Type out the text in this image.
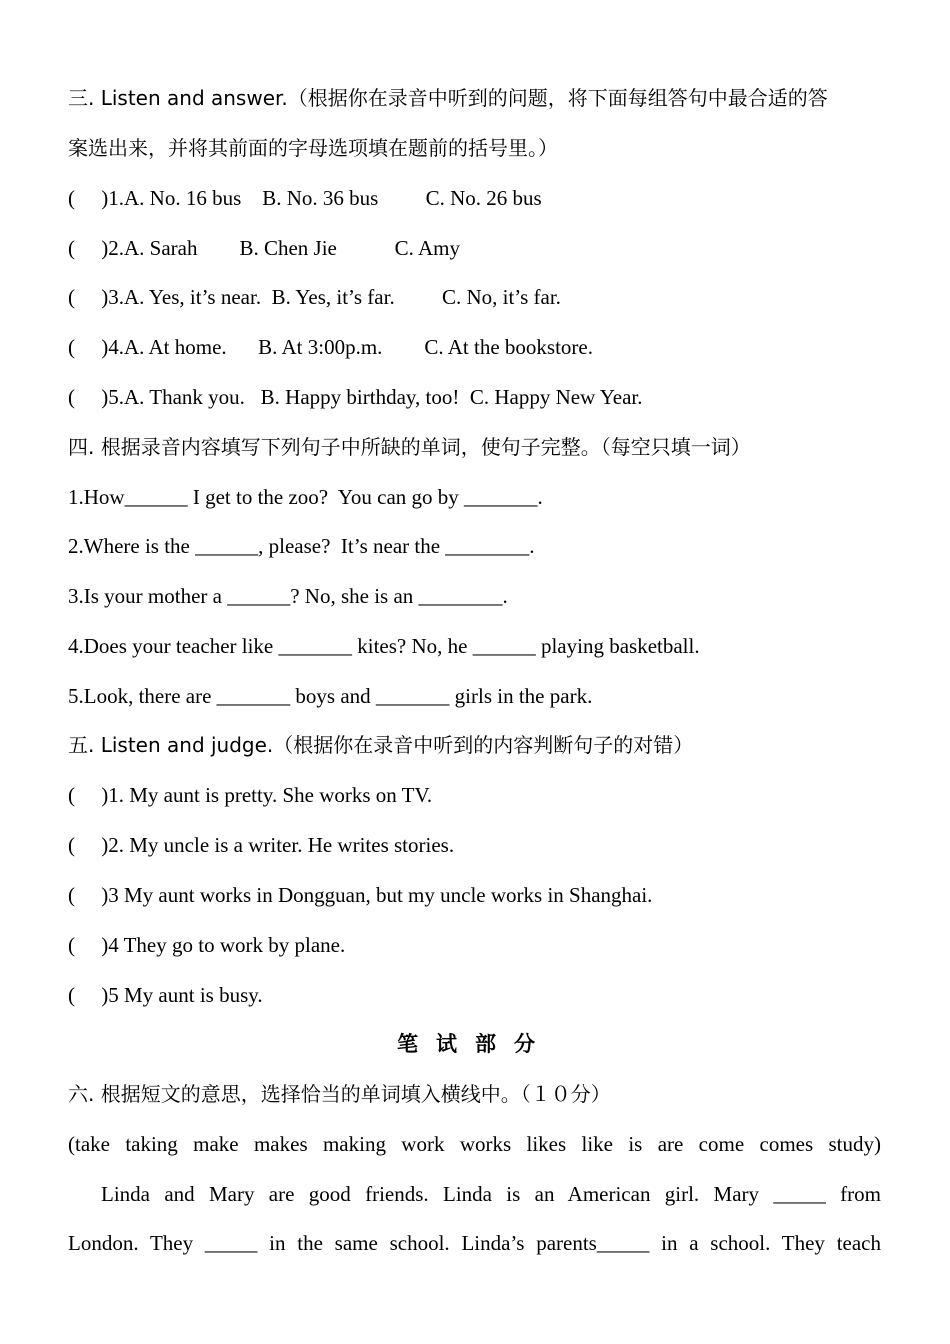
三. Listen and answer.（根据你在录音中听到的问题，将下面每组答句中最合适的答
案选出来，并将其前面的字母选项填在题前的括号里。）
(     )1.A. No. 16 bus    B. No. 36 bus         C. No. 26 bus
(     )2.A. Sarah        B. Chen Jie           C. Amy
(     )3.A. Yes, it’s near.  B. Yes, it’s far.         C. No, it’s far.
(     )4.A. At home.      B. At 3:00p.m.        C. At the bookstore.
(     )5.A. Thank you.   B. Happy birthday, too!  C. Happy New Year.
四. 根据录音内容填写下列句子中所缺的单词，使句子完整。（每空只填一词）
1.How______ I get to the zoo?  You can go by _______.
2.Where is the ______, please?  It’s near the ________.
3.Is your mother a ______? No, she is an ________.
4.Does your teacher like _______ kites? No, he ______ playing basketball.
5.Look, there are _______ boys and _______ girls in the park.
五. Listen and judge.（根据你在录音中听到的内容判断句子的对错）
(     )1. My aunt is pretty. She works on TV.
(     )2. My uncle is a writer. He writes stories.
(     )3 My aunt works in Dongguan, but my uncle works in Shanghai.
(     )4 They go to work by plane.
(     )5 My aunt is busy.
笔试部分
六. 根据短文的意思，选择恰当的单词填入横线中。（１０分）
(take taking make makes making work works likes like is are come comes study)
Linda and Mary are good friends. Linda is an American girl. Mary _____ from
London. They _____ in the same school. Linda’s parents_____ in a school. They teach
